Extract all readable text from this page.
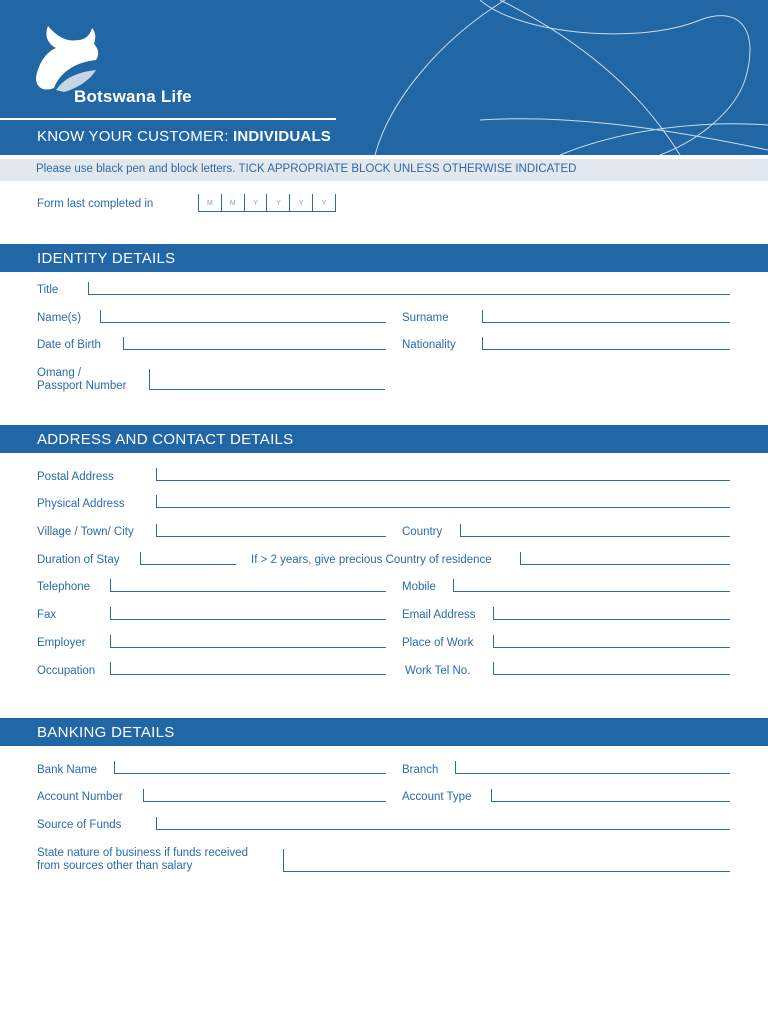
Botswana Life
KNOW YOUR CUSTOMER: INDIVIDUALS
Please use black pen and block letters. TICK APPROPRIATE BLOCK UNLESS OTHERWISE INDICATED
Form last completed in	M	M	Y	Y	Y	Y
IDENTITY DETAILS
Title
Name(s)	Surname
Date of Birth	Nationality
Omang /
Passport Number
ADDRESS AND CONTACT DETAILS
Postal Address
Physical Address
Village / Town/ City	Country
Duration of Stay	If > 2 years, give precious Country of residence
Telephone	Mobile
Fax	Email Address
Employer	Place of Work
Occupation	Work Tel No.
BANKING DETAILS
Bank Name	Branch
Account Number	Account Type
Source of Funds
State nature of business if funds received
from sources other than salary
